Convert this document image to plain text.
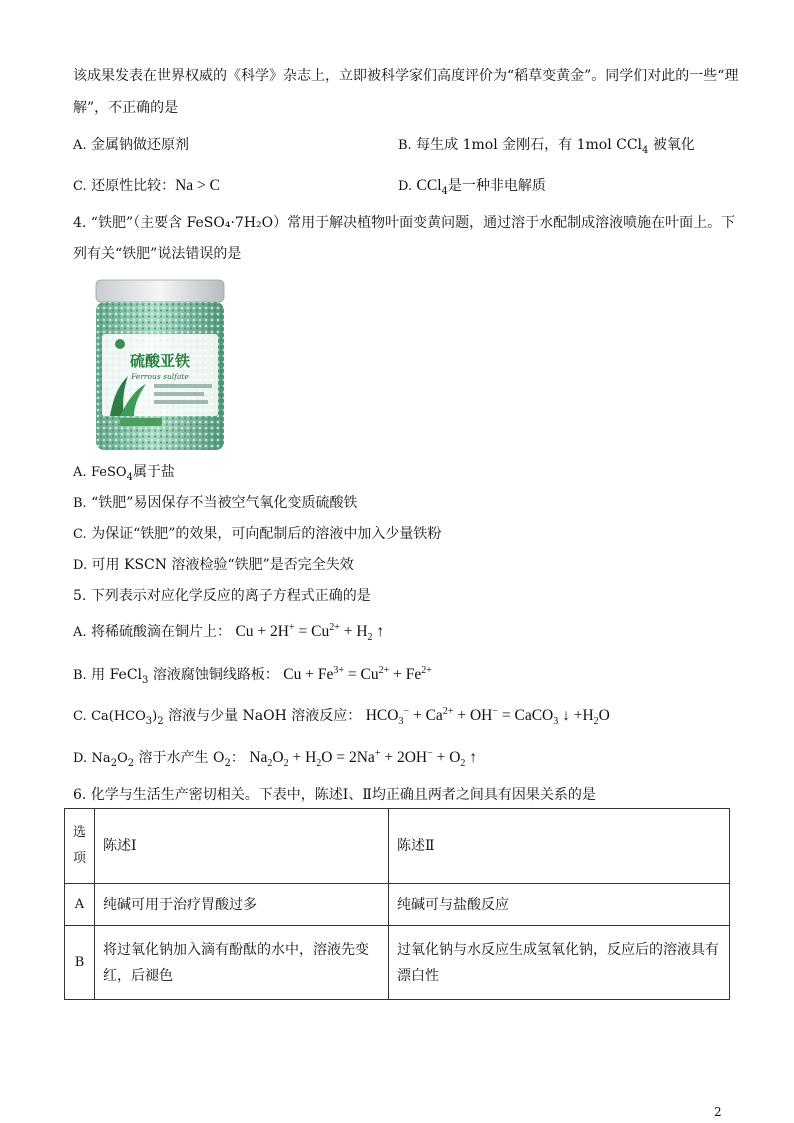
该成果发表在世界权威的《科学》杂志上，立即被科学家们高度评价为“稻草变黄金”。同学们对此的一些“理
解”，不正确的是
A. 金属钠做还原剂	B. 每生成 1mol 金刚石，有 1mol CCl$_4$ 被氧化
C. 还原性比较：Na > C	D. CCl$_4$是一种非电解质
4. “铁肥”（主要含 FeSO₄·7H₂O）常用于解决植物叶面变黄问题，通过溶于水配制成溶液喷施在叶面上。下
列有关“铁肥”说法错误的是
硫酸亚铁
Ferrous sulfate
A. FeSO$_4$属于盐
B. “铁肥”易因保存不当被空气氧化变质硫酸铁
C. 为保证“铁肥”的效果，可向配制后的溶液中加入少量铁粉
D. 可用 KSCN 溶液检验“铁肥”是否完全失效
5. 下列表示对应化学反应的离子方程式正确的是
A. 将稀硫酸滴在铜片上： $Cu + 2H^+ = Cu^{2+} + H_2$ ↑
B. 用 FeCl$_3$ 溶液腐蚀铜线路板： $Cu + Fe^{3+} = Cu^{2+} + Fe^{2+}$
C. $Ca(HCO_3)_2$ 溶液与少量 NaOH 溶液反应： $HCO_3^- + Ca^{2+} + OH^-$ = CaCO$_3$ ↓ $+H_2O$
D. $Na_2O_2$ 溶于水产生 $O_2$： $Na_2O_2 + H_2O = 2Na^+ + 2OH^- + O_2$ ↑
6. 化学与生活生产密切相关。下表中，陈述Ⅰ、Ⅱ均正确且两者之间具有因果关系的是
选项	陈述Ⅰ	陈述Ⅱ
A	纯碱可用于治疗胃酸过多	纯碱可与盐酸反应
B	将过氧化钠加入滴有酚酞的水中，溶液先变红，后褪色	过氧化钠与水反应生成氢氧化钠，反应后的溶液具有漂白性
2
